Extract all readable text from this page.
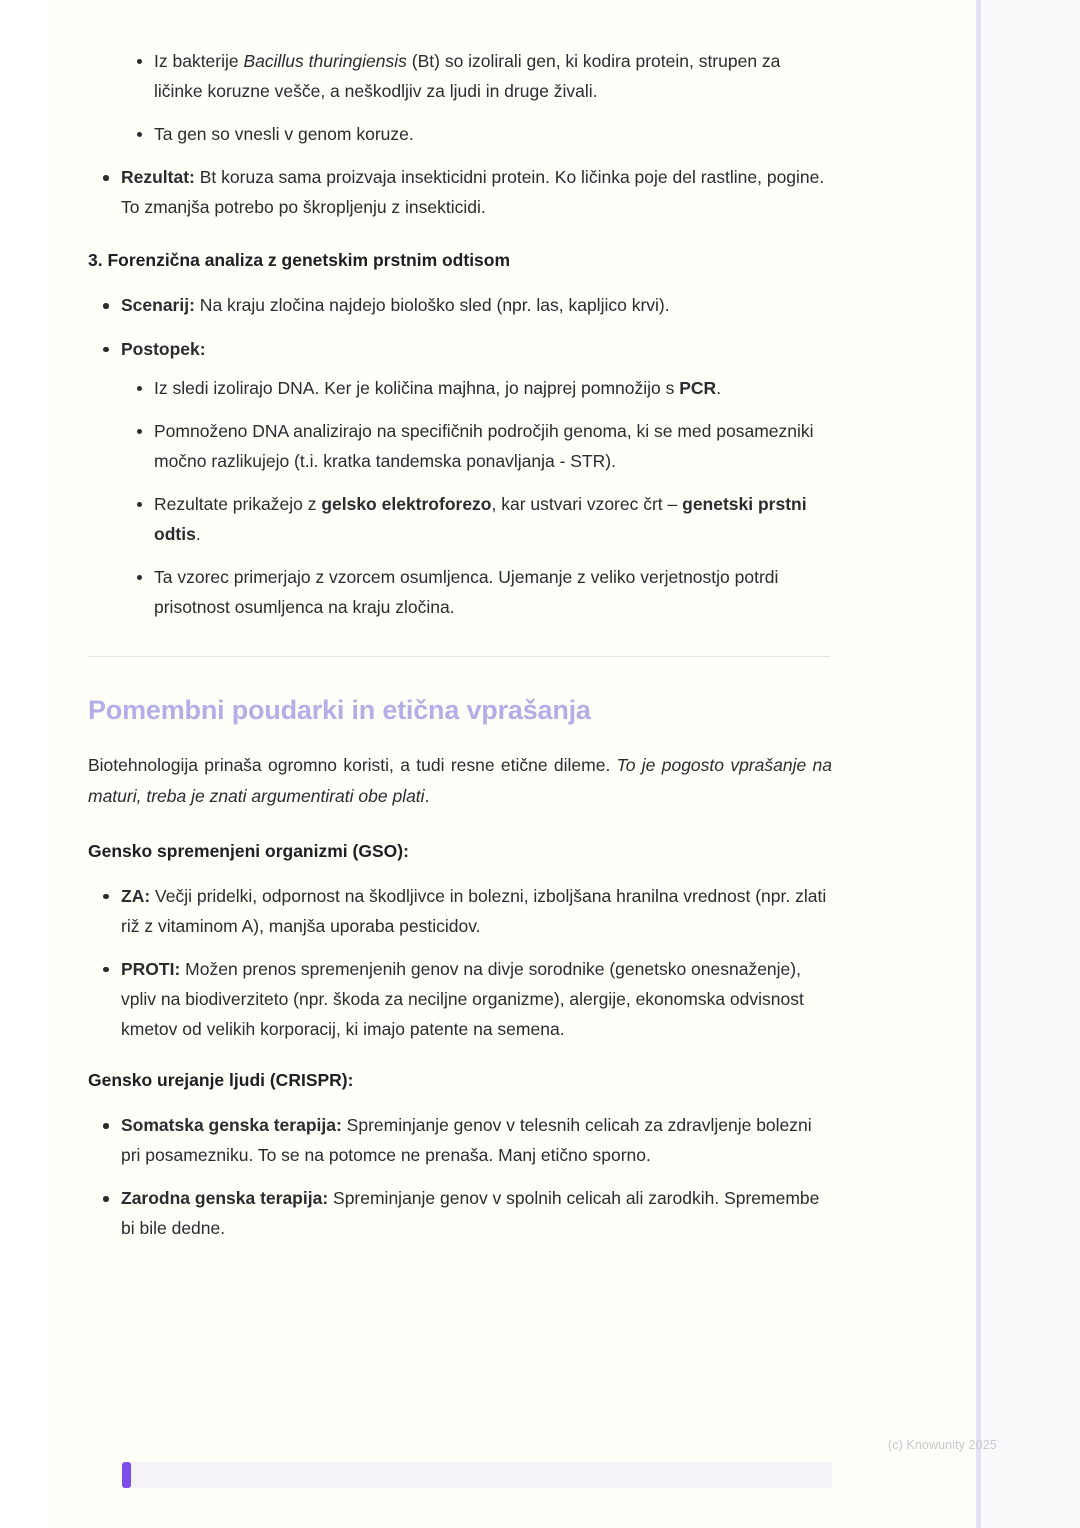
Iz bakterije Bacillus thuringiensis (Bt) so izolirali gen, ki kodira protein, strupen za ličinke koruzne vešče, a neškodljiv za ljudi in druge živali.
Ta gen so vnesli v genom koruze.
Rezultat: Bt koruza sama proizvaja insekticidni protein. Ko ličinka poje del rastline, pogine. To zmanjša potrebo po škropljenju z insekticidi.
3. Forenzična analiza z genetskim prstnim odtisom
Scenarij: Na kraju zločina najdejo biološko sled (npr. las, kapljico krvi).
Postopek:
Iz sledi izolirajo DNA. Ker je količina majhna, jo najprej pomnožijo s PCR.
Pomnoženo DNA analizirajo na specifičnih področjih genoma, ki se med posamezniki močno razlikujejo (t.i. kratka tandemska ponavljanja - STR).
Rezultate prikažejo z gelsko elektroforezo, kar ustvari vzorec črt – genetski prstni odtis.
Ta vzorec primerjajo z vzorcem osumljenca. Ujemanje z veliko verjetnostjo potrdi prisotnost osumljenca na kraju zločina.
Pomembni poudarki in etična vprašanja

Biotehnologija prinaša ogromno koristi, a tudi resne etične dileme. To je pogosto vprašanje na maturi, treba je znati argumentirati obe plati.

Gensko spremenjeni organizmi (GSO):
ZA: Večji pridelki, odpornost na škodljivce in bolezni, izboljšana hranilna vrednost (npr. zlati riž z vitaminom A), manjša uporaba pesticidov.
PROTI: Možen prenos spremenjenih genov na divje sorodnike (genetsko onesnaženje), vpliv na biodiverziteto (npr. škoda za neciljne organizme), alergije, ekonomska odvisnost kmetov od velikih korporacij, ki imajo patente na semena.
Gensko urejanje ljudi (CRISPR):
Somatska genska terapija: Spreminjanje genov v telesnih celicah za zdravljenje bolezni pri posamezniku. To se na potomce ne prenaša. Manj etično sporno.
Zarodna genska terapija: Spreminjanje genov v spolnih celicah ali zarodkih. Spremembe bi bile dedne.
(c) Knowunity 2025
